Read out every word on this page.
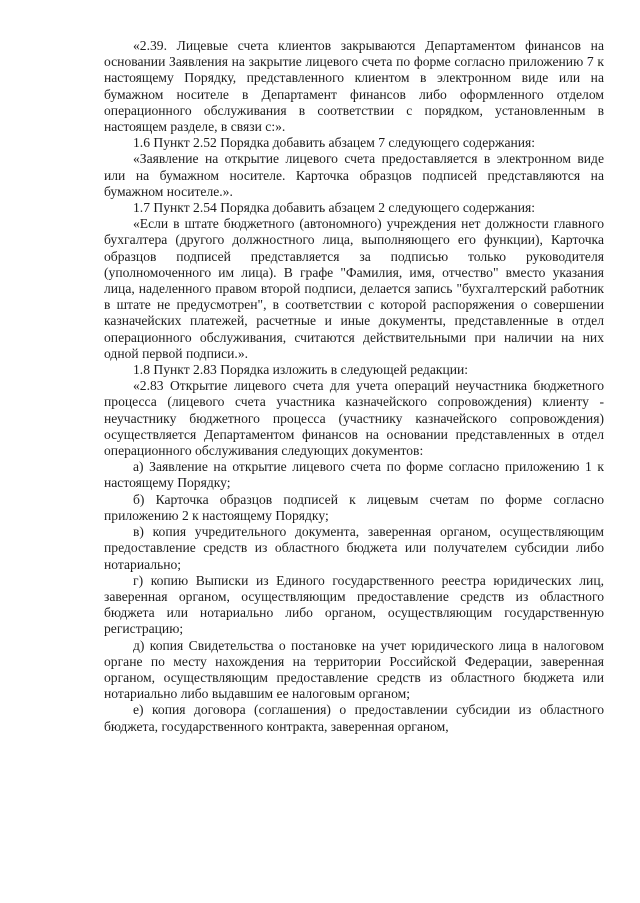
«2.39. Лицевые счета клиентов закрываются Департаментом финансов на основании Заявления на закрытие лицевого счета по форме согласно приложению 7 к настоящему Порядку, представленного клиентом в электронном виде или на бумажном носителе в Департамент финансов либо оформленного отделом операционного обслуживания в соответствии с порядком, установленным в настоящем разделе, в связи с:».

1.6 Пункт 2.52 Порядка добавить абзацем 7 следующего содержания:

«Заявление на открытие лицевого счета предоставляется в электронном виде или на бумажном носителе. Карточка образцов подписей представляются на бумажном носителе.».

1.7 Пункт 2.54 Порядка добавить абзацем 2 следующего содержания:

«Если в штате бюджетного (автономного) учреждения нет должности главного бухгалтера (другого должностного лица, выполняющего его функции), Карточка образцов подписей представляется за подписью только руководителя (уполномоченного им лица). В графе "Фамилия, имя, отчество" вместо указания лица, наделенного правом второй подписи, делается запись "бухгалтерский работник в штате не предусмотрен", в соответствии с которой распоряжения о совершении казначейских платежей, расчетные и иные документы, представленные в отдел операционного обслуживания, считаются действительными при наличии на них одной первой подписи.».

1.8 Пункт 2.83 Порядка изложить в следующей редакции:

«2.83 Открытие лицевого счета для учета операций неучастника бюджетного процесса (лицевого счета участника казначейского сопровождения) клиенту - неучастнику бюджетного процесса (участнику казначейского сопровождения) осуществляется Департаментом финансов на основании представленных в отдел операционного обслуживания следующих документов:

а) Заявление на открытие лицевого счета по форме согласно приложению 1 к настоящему Порядку;

б) Карточка образцов подписей к лицевым счетам по форме согласно приложению 2 к настоящему Порядку;

в) копия учредительного документа, заверенная органом, осуществляющим предоставление средств из областного бюджета или получателем субсидии либо нотариально;

г) копию Выписки из Единого государственного реестра юридических лиц, заверенная органом, осуществляющим предоставление средств из областного бюджета или нотариально либо органом, осуществляющим государственную регистрацию;

д) копия Свидетельства о постановке на учет юридического лица в налоговом органе по месту нахождения на территории Российской Федерации, заверенная органом, осуществляющим предоставление средств из областного бюджета или нотариально либо выдавшим ее налоговым органом;

е) копия договора (соглашения) о предоставлении субсидии из областного бюджета, государственного контракта, заверенная органом,
